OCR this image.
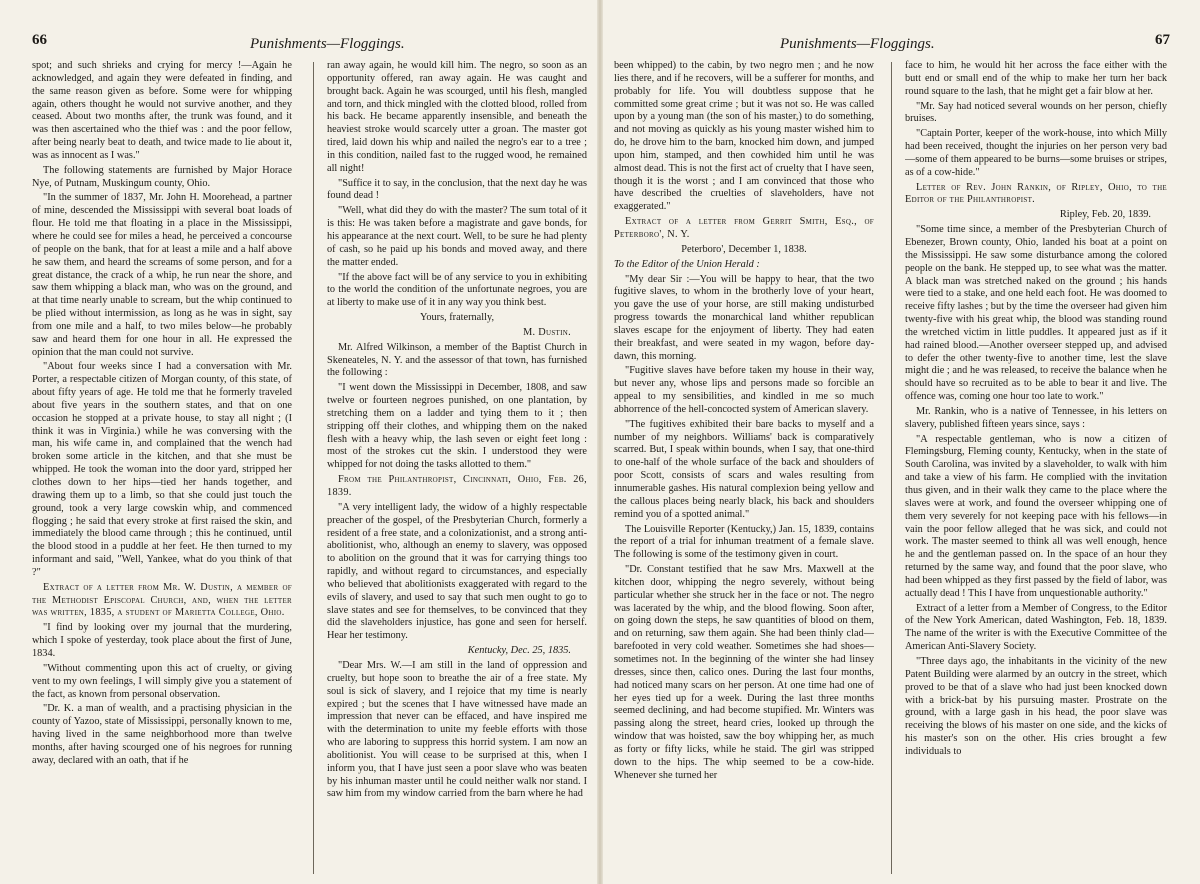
66	Punishments—Floggings.

spot; and such shrieks and crying for mercy !—Again he acknowledged, and again they were defeated in finding, and the same reason given as before. Some were for whipping again, others thought he would not survive another, and they ceased. About two months after, the trunk was found, and it was then ascertained who the thief was : and the poor fellow, after being nearly beat to death, and twice made to lie about it, was as innocent as I was."

The following statements are furnished by Major Horace Nye, of Putnam, Muskingum county, Ohio.

"In the summer of 1837, Mr. John H. Moorehead, a partner of mine, descended the Mississippi with several boat loads of flour. He told me that floating in a place in the Mississippi, where he could see for miles a head, he perceived a concourse of people on the bank, that for at least a mile and a half above he saw them, and heard the screams of some person, and for a great distance, the crack of a whip, he run near the shore, and saw them whipping a black man, who was on the ground, and at that time nearly unable to scream, but the whip continued to be plied without intermission, as long as he was in sight, say from one mile and a half, to two miles below—he probably saw and heard them for one hour in all. He expressed the opinion that the man could not survive.

"About four weeks since I had a conversation with Mr. Porter, a respectable citizen of Morgan county, of this state, of about fifty years of age. He told me that he formerly traveled about five years in the southern states, and that on one occasion he stopped at a private house, to stay all night ; (I think it was in Virginia.) while he was conversing with the man, his wife came in, and complained that the wench had broken some article in the kitchen, and that she must be whipped. He took the woman into the door yard, stripped her clothes down to her hips—tied her hands together, and drawing them up to a limb, so that she could just touch the ground, took a very large cowskin whip, and commenced flogging ; he said that every stroke at first raised the skin, and immediately the blood came through ; this he continued, until the blood stood in a puddle at her feet. He then turned to my informant and said, "Well, Yankee, what do you think of that ?"

Extract of a letter from Mr. W. Dustin, a member of the Methodist Episcopal Church, and, when the letter was written, 1835, a student of Marietta College, Ohio.

"I find by looking over my journal that the murdering, which I spoke of yesterday, took place about the first of June, 1834.

"Without commenting upon this act of cruelty, or giving vent to my own feelings, I will simply give you a statement of the fact, as known from personal observation.

"Dr. K. a man of wealth, and a practising physician in the county of Yazoo, state of Mississippi, personally known to me, having lived in the same neighborhood more than twelve months, after having scourged one of his negroes for running away, declared with an oath, that if he

ran away again, he would kill him. The negro, so soon as an opportunity offered, ran away again. He was caught and brought back. Again he was scourged, until his flesh, mangled and torn, and thick mingled with the clotted blood, rolled from his back. He became apparently insensible, and beneath the heaviest stroke would scarcely utter a groan. The master got tired, laid down his whip and nailed the negro's ear to a tree ; in this condition, nailed fast to the rugged wood, he remained all night!

"Suffice it to say, in the conclusion, that the next day he was found dead !

"Well, what did they do with the master? The sum total of it is this: He was taken before a magistrate and gave bonds, for his appearance at the next court. Well, to be sure he had plenty of cash, so he paid up his bonds and moved away, and there the matter ended.

"If the above fact will be of any service to you in exhibiting to the world the condition of the unfortunate negroes, you are at liberty to make use of it in any way you think best.

Yours, fraternally,

M. Dustin.

Mr. Alfred Wilkinson, a member of the Baptist Church in Skeneateles, N. Y. and the assessor of that town, has furnished the following :

"I went down the Mississippi in December, 1808, and saw twelve or fourteen negroes punished, on one plantation, by stretching them on a ladder and tying them to it ; then stripping off their clothes, and whipping them on the naked flesh with a heavy whip, the lash seven or eight feet long : most of the strokes cut the skin. I understood they were whipped for not doing the tasks allotted to them."

From the Philanthropist, Cincinnati, Ohio, Feb. 26, 1839.

"A very intelligent lady, the widow of a highly respectable preacher of the gospel, of the Presbyterian Church, formerly a resident of a free state, and a colonizationist, and a strong anti-abolitionist, who, although an enemy to slavery, was opposed to abolition on the ground that it was for carrying things too rapidly, and without regard to circumstances, and especially who believed that abolitionists exaggerated with regard to the evils of slavery, and used to say that such men ought to go to slave states and see for themselves, to be convinced that they did the slaveholders injustice, has gone and seen for herself. Hear her testimony.

Kentucky, Dec. 25, 1835.

"Dear Mrs. W.—I am still in the land of oppression and cruelty, but hope soon to breathe the air of a free state. My soul is sick of slavery, and I rejoice that my time is nearly expired ; but the scenes that I have witnessed have made an impression that never can be effaced, and have inspired me with the determination to unite my feeble efforts with those who are laboring to suppress this horrid system. I am now an abolitionist. You will cease to be surprised at this, when I inform you, that I have just seen a poor slave who was beaten by his inhuman master until he could neither walk nor stand. I saw him from my window carried from the barn where he had

Punishments—Floggings.	67

been whipped) to the cabin, by two negro men ; and he now lies there, and if he recovers, will be a sufferer for months, and probably for life. You will doubtless suppose that he committed some great crime ; but it was not so. He was called upon by a young man (the son of his master,) to do something, and not moving as quickly as his young master wished him to do, he drove him to the barn, knocked him down, and jumped upon him, stamped, and then cowhided him until he was almost dead. This is not the first act of cruelty that I have seen, though it is the worst ; and I am convinced that those who have described the cruelties of slaveholders, have not exaggerated."

Extract of a letter from Gerrit Smith, Esq., of Peterboro', N. Y.

Peterboro', December 1, 1838.

To the Editor of the Union Herald :

"My dear Sir :—You will be happy to hear, that the two fugitive slaves, to whom in the brotherly love of your heart, you gave the use of your horse, are still making undisturbed progress towards the monarchical land whither republican slaves escape for the enjoyment of liberty. They had eaten their breakfast, and were seated in my wagon, before day-dawn, this morning.

"Fugitive slaves have before taken my house in their way, but never any, whose lips and persons made so forcible an appeal to my sensibilities, and kindled in me so much abhorrence of the hell-concocted system of American slavery.

"The fugitives exhibited their bare backs to myself and a number of my neighbors. Williams' back is comparatively scarred. But, I speak within bounds, when I say, that one-third to one-half of the whole surface of the back and shoulders of poor Scott, consists of scars and wales resulting from innumerable gashes. His natural complexion being yellow and the callous places being nearly black, his back and shoulders remind you of a spotted animal."

The Louisville Reporter (Kentucky,) Jan. 15, 1839, contains the report of a trial for inhuman treatment of a female slave. The following is some of the testimony given in court.

"Dr. Constant testified that he saw Mrs. Maxwell at the kitchen door, whipping the negro severely, without being particular whether she struck her in the face or not. The negro was lacerated by the whip, and the blood flowing. Soon after, on going down the steps, he saw quantities of blood on them, and on returning, saw them again. She had been thinly clad—barefooted in very cold weather. Sometimes she had shoes—sometimes not. In the beginning of the winter she had linsey dresses, since then, calico ones. During the last four months, had noticed many scars on her person. At one time had one of her eyes tied up for a week. During the last three months seemed declining, and had become stupified. Mr. Winters was passing along the street, heard cries, looked up through the window that was hoisted, saw the boy whipping her, as much as forty or fifty licks, while he staid. The girl was stripped down to the hips. The whip seemed to be a cow-hide. Whenever she turned her

face to him, he would hit her across the face either with the butt end or small end of the whip to make her turn her back round square to the lash, that he might get a fair blow at her.

"Mr. Say had noticed several wounds on her person, chiefly bruises.

"Captain Porter, keeper of the work-house, into which Milly had been received, thought the injuries on her person very bad—some of them appeared to be burns—some bruises or stripes, as of a cow-hide."

Letter of Rev. John Rankin, of Ripley, Ohio, to the Editor of the Philanthropist.

Ripley, Feb. 20, 1839.

"Some time since, a member of the Presbyterian Church of Ebenezer, Brown county, Ohio, landed his boat at a point on the Mississippi. He saw some disturbance among the colored people on the bank. He stepped up, to see what was the matter. A black man was stretched naked on the ground ; his hands were tied to a stake, and one held each foot. He was doomed to receive fifty lashes ; but by the time the overseer had given him twenty-five with his great whip, the blood was standing round the wretched victim in little puddles. It appeared just as if it had rained blood.—Another overseer stepped up, and advised to defer the other twenty-five to another time, lest the slave might die ; and he was released, to receive the balance when he should have so recruited as to be able to bear it and live. The offence was, coming one hour too late to work."

Mr. Rankin, who is a native of Tennessee, in his letters on slavery, published fifteen years since, says :

"A respectable gentleman, who is now a citizen of Flemingsburg, Fleming county, Kentucky, when in the state of South Carolina, was invited by a slaveholder, to walk with him and take a view of his farm. He complied with the invitation thus given, and in their walk they came to the place where the slaves were at work, and found the overseer whipping one of them very severely for not keeping pace with his fellows—in vain the poor fellow alleged that he was sick, and could not work. The master seemed to think all was well enough, hence he and the gentleman passed on. In the space of an hour they returned by the same way, and found that the poor slave, who had been whipped as they first passed by the field of labor, was actually dead ! This I have from unquestionable authority."

Extract of a letter from a Member of Congress, to the Editor of the New York American, dated Washington, Feb. 18, 1839. The name of the writer is with the Executive Committee of the American Anti-Slavery Society.

"Three days ago, the inhabitants in the vicinity of the new Patent Building were alarmed by an outcry in the street, which proved to be that of a slave who had just been knocked down with a brick-bat by his pursuing master. Prostrate on the ground, with a large gash in his head, the poor slave was receiving the blows of his master on one side, and the kicks of his master's son on the other. His cries brought a few individuals to
